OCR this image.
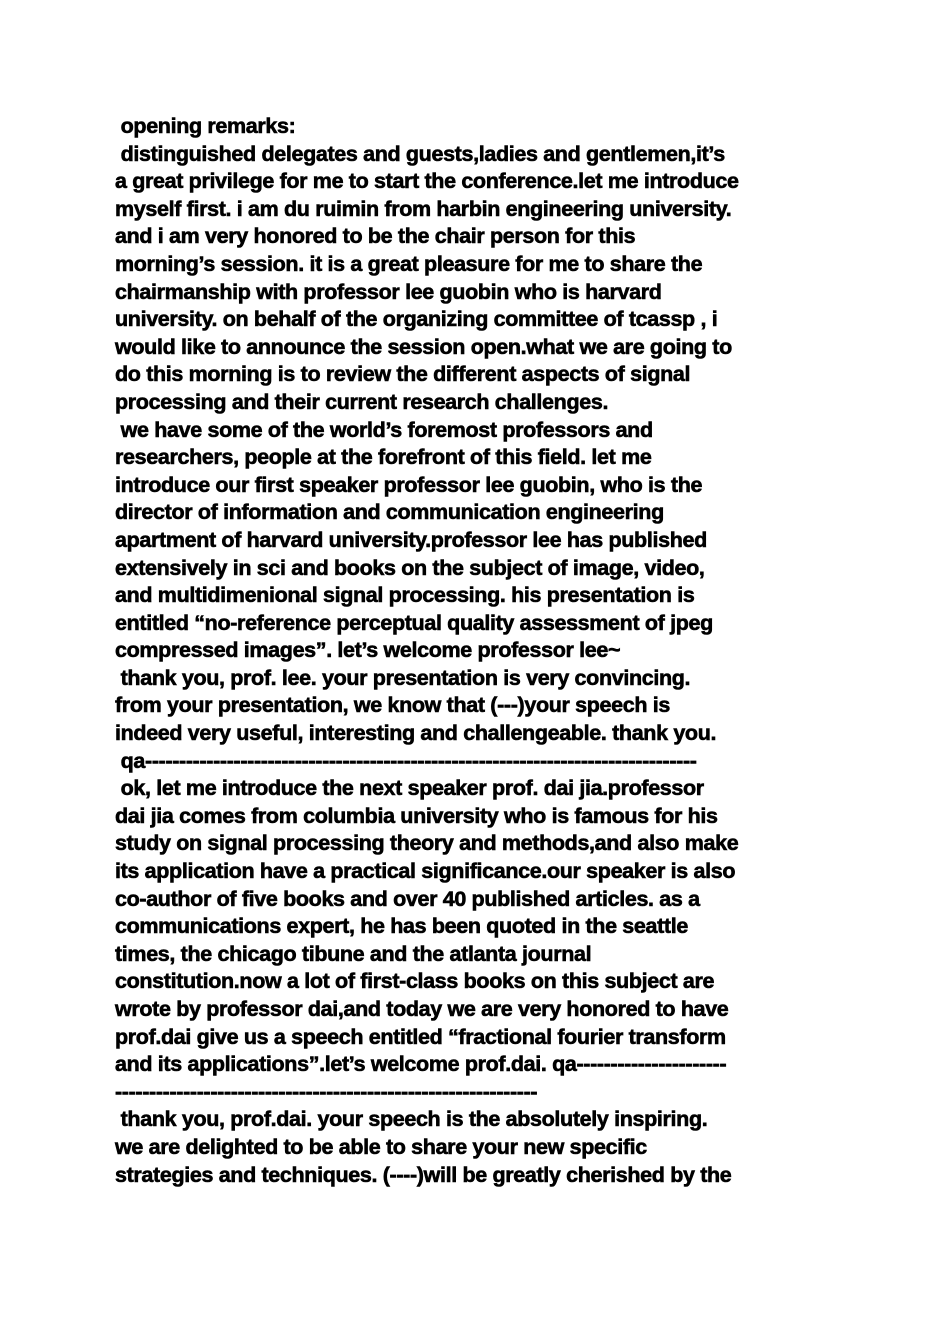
opening remarks:
distinguished delegates and guests,ladies and gentlemen,it’s
a great privilege for me to start the conference.let me introduce
myself first. i am du ruimin from harbin engineering university.
and i am very honored to be the chair person for this
morning’s session. it is a great pleasure for me to share the
chairmanship with professor lee guobin who is harvard
university. on behalf of the organizing committee of tcassp , i
would like to announce the session open.what we are going to
do this morning is to review the different aspects of signal
processing and their current research challenges.
we have some of the world’s foremost professors and
researchers, people at the forefront of this field. let me
introduce our first speaker professor lee guobin, who is the
director of information and communication engineering
apartment of harvard university.professor lee has published
extensively in sci and books on the subject of image, video,
and multidimenional signal processing. his presentation is
entitled “no-reference perceptual quality assessment of jpeg
compressed images”. let’s welcome professor lee~
thank you, prof. lee. your presentation is very convincing.
from your presentation, we know that (---)your speech is
indeed very useful, interesting and challengeable. thank you.
qa---------------------------------------------------------------------------------
ok, let me introduce the next speaker prof. dai jia.professor
dai jia comes from columbia university who is famous for his
study on signal processing theory and methods,and also make
its application have a practical significance.our speaker is also
co-author of five books and over 40 published articles. as a
communications expert, he has been quoted in the seattle
times, the chicago tibune and the atlanta journal
constitution.now a lot of first-class books on this subject are
wrote by professor dai,and today we are very honored to have
prof.dai give us a speech entitled “fractional fourier transform
and its applications”.let’s welcome prof.dai. qa----------------------
--------------------------------------------------------------
thank you, prof.dai. your speech is the absolutely inspiring.
we are delighted to be able to share your new specific
strategies and techniques. (----)will be greatly cherished by the
